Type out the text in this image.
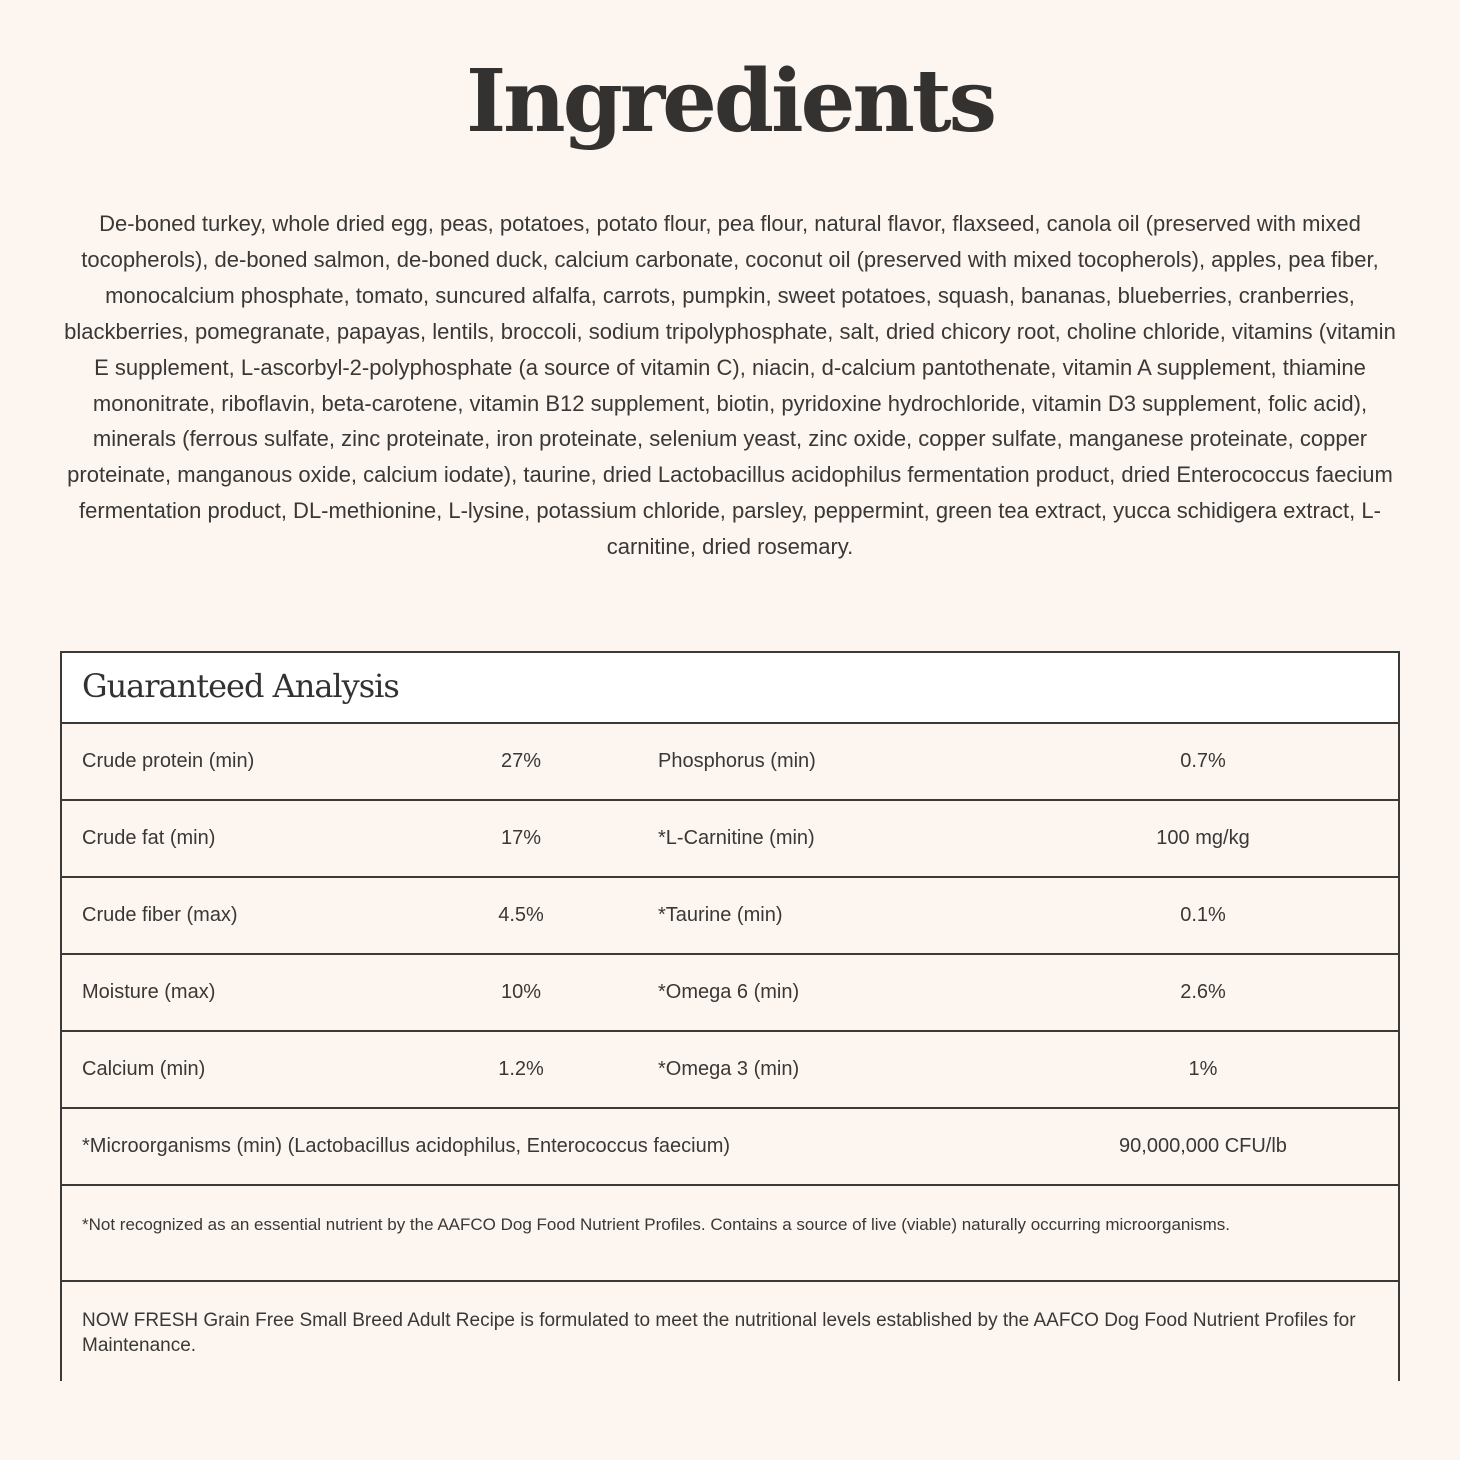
Ingredients
De-boned turkey, whole dried egg, peas, potatoes, potato flour, pea flour, natural flavor, flaxseed, canola oil (preserved with mixed tocopherols), de-boned salmon, de-boned duck, calcium carbonate, coconut oil (preserved with mixed tocopherols), apples, pea fiber, monocalcium phosphate, tomato, suncured alfalfa, carrots, pumpkin, sweet potatoes, squash, bananas, blueberries, cranberries, blackberries, pomegranate, papayas, lentils, broccoli, sodium tripolyphosphate, salt, dried chicory root, choline chloride, vitamins (vitamin E supplement, L-ascorbyl-2-polyphosphate (a source of vitamin C), niacin, d-calcium pantothenate, vitamin A supplement, thiamine mononitrate, riboflavin, beta-carotene, vitamin B12 supplement, biotin, pyridoxine hydrochloride, vitamin D3 supplement, folic acid), minerals (ferrous sulfate, zinc proteinate, iron proteinate, selenium yeast, zinc oxide, copper sulfate, manganese proteinate, copper proteinate, manganous oxide, calcium iodate), taurine, dried Lactobacillus acidophilus fermentation product, dried Enterococcus faecium fermentation product, DL-methionine, L-lysine, potassium chloride, parsley, peppermint, green tea extract, yucca schidigera extract, L-carnitine, dried rosemary.
Guaranteed Analysis
Crude protein (min)	27%	Phosphorus (min)	0.7%
Crude fat (min)	17%	*L-Carnitine (min)	100 mg/kg
Crude fiber (max)	4.5%	*Taurine (min)	0.1%
Moisture (max)	10%	*Omega 6 (min)	2.6%
Calcium (min)	1.2%	*Omega 3 (min)	1%
*Microorganisms (min) (Lactobacillus acidophilus, Enterococcus faecium)	90,000,000 CFU/lb
*Not recognized as an essential nutrient by the AAFCO Dog Food Nutrient Profiles. Contains a source of live (viable) naturally occurring microorganisms.
NOW FRESH Grain Free Small Breed Adult Recipe is formulated to meet the nutritional levels established by the AAFCO Dog Food Nutrient Profiles for Maintenance.
